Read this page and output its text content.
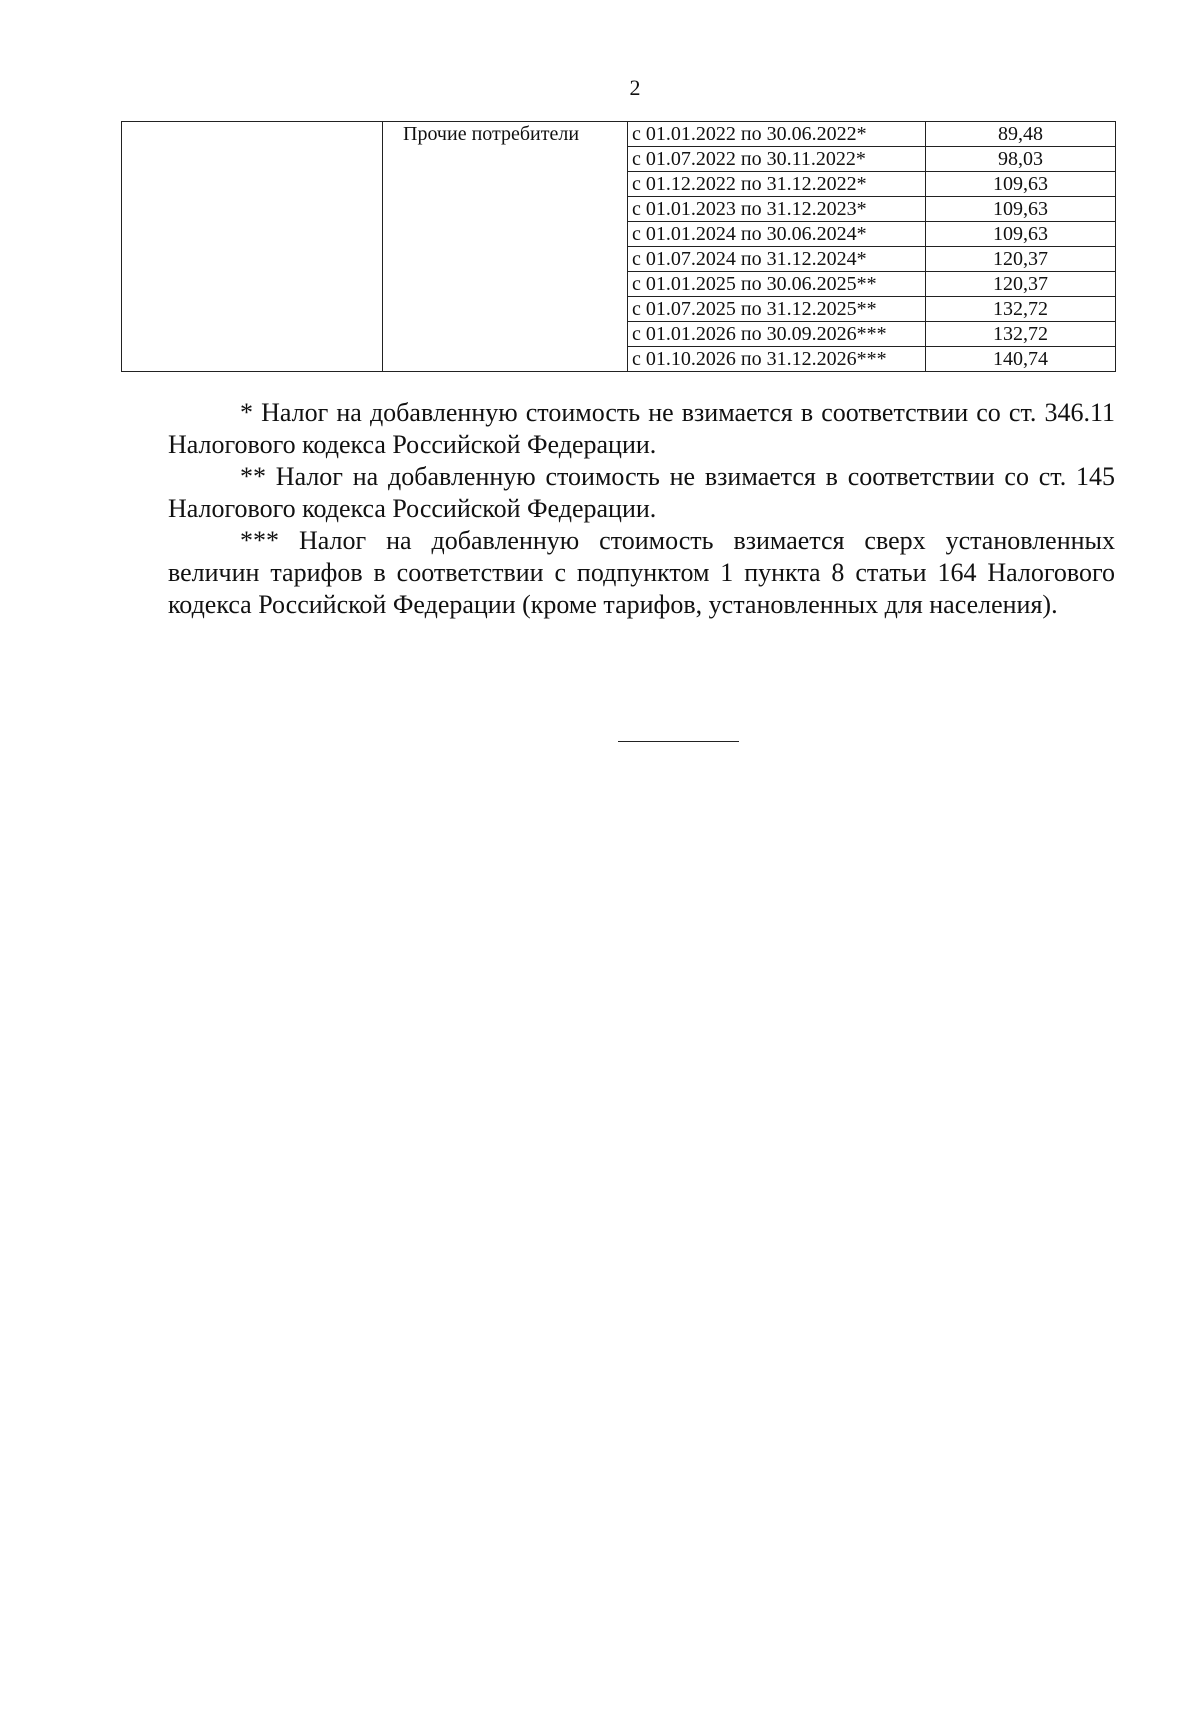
2
	Прочие потребители	с 01.01.2022 по 30.06.2022*	89,48
		с 01.07.2022 по 30.11.2022*	98,03
		с 01.12.2022 по 31.12.2022*	109,63
		с 01.01.2023 по 31.12.2023*	109,63
		с 01.01.2024 по 30.06.2024*	109,63
		с 01.07.2024 по 31.12.2024*	120,37
		с 01.01.2025 по 30.06.2025**	120,37
		с 01.07.2025 по 31.12.2025**	132,72
		с 01.01.2026 по 30.09.2026***	132,72
		с 01.10.2026 по 31.12.2026***	140,74

* Налог на добавленную стоимость не взимается в соответствии со ст. 346.11 Налогового кодекса Российской Федерации.

** Налог на добавленную стоимость не взимается в соответствии со ст. 145 Налогового кодекса Российской Федерации.

*** Налог на добавленную стоимость взимается сверх установленных величин тарифов в соответствии с подпунктом 1 пункта 8 статьи 164 Налогового кодекса Российской Федерации (кроме тарифов, установленных для населения).
